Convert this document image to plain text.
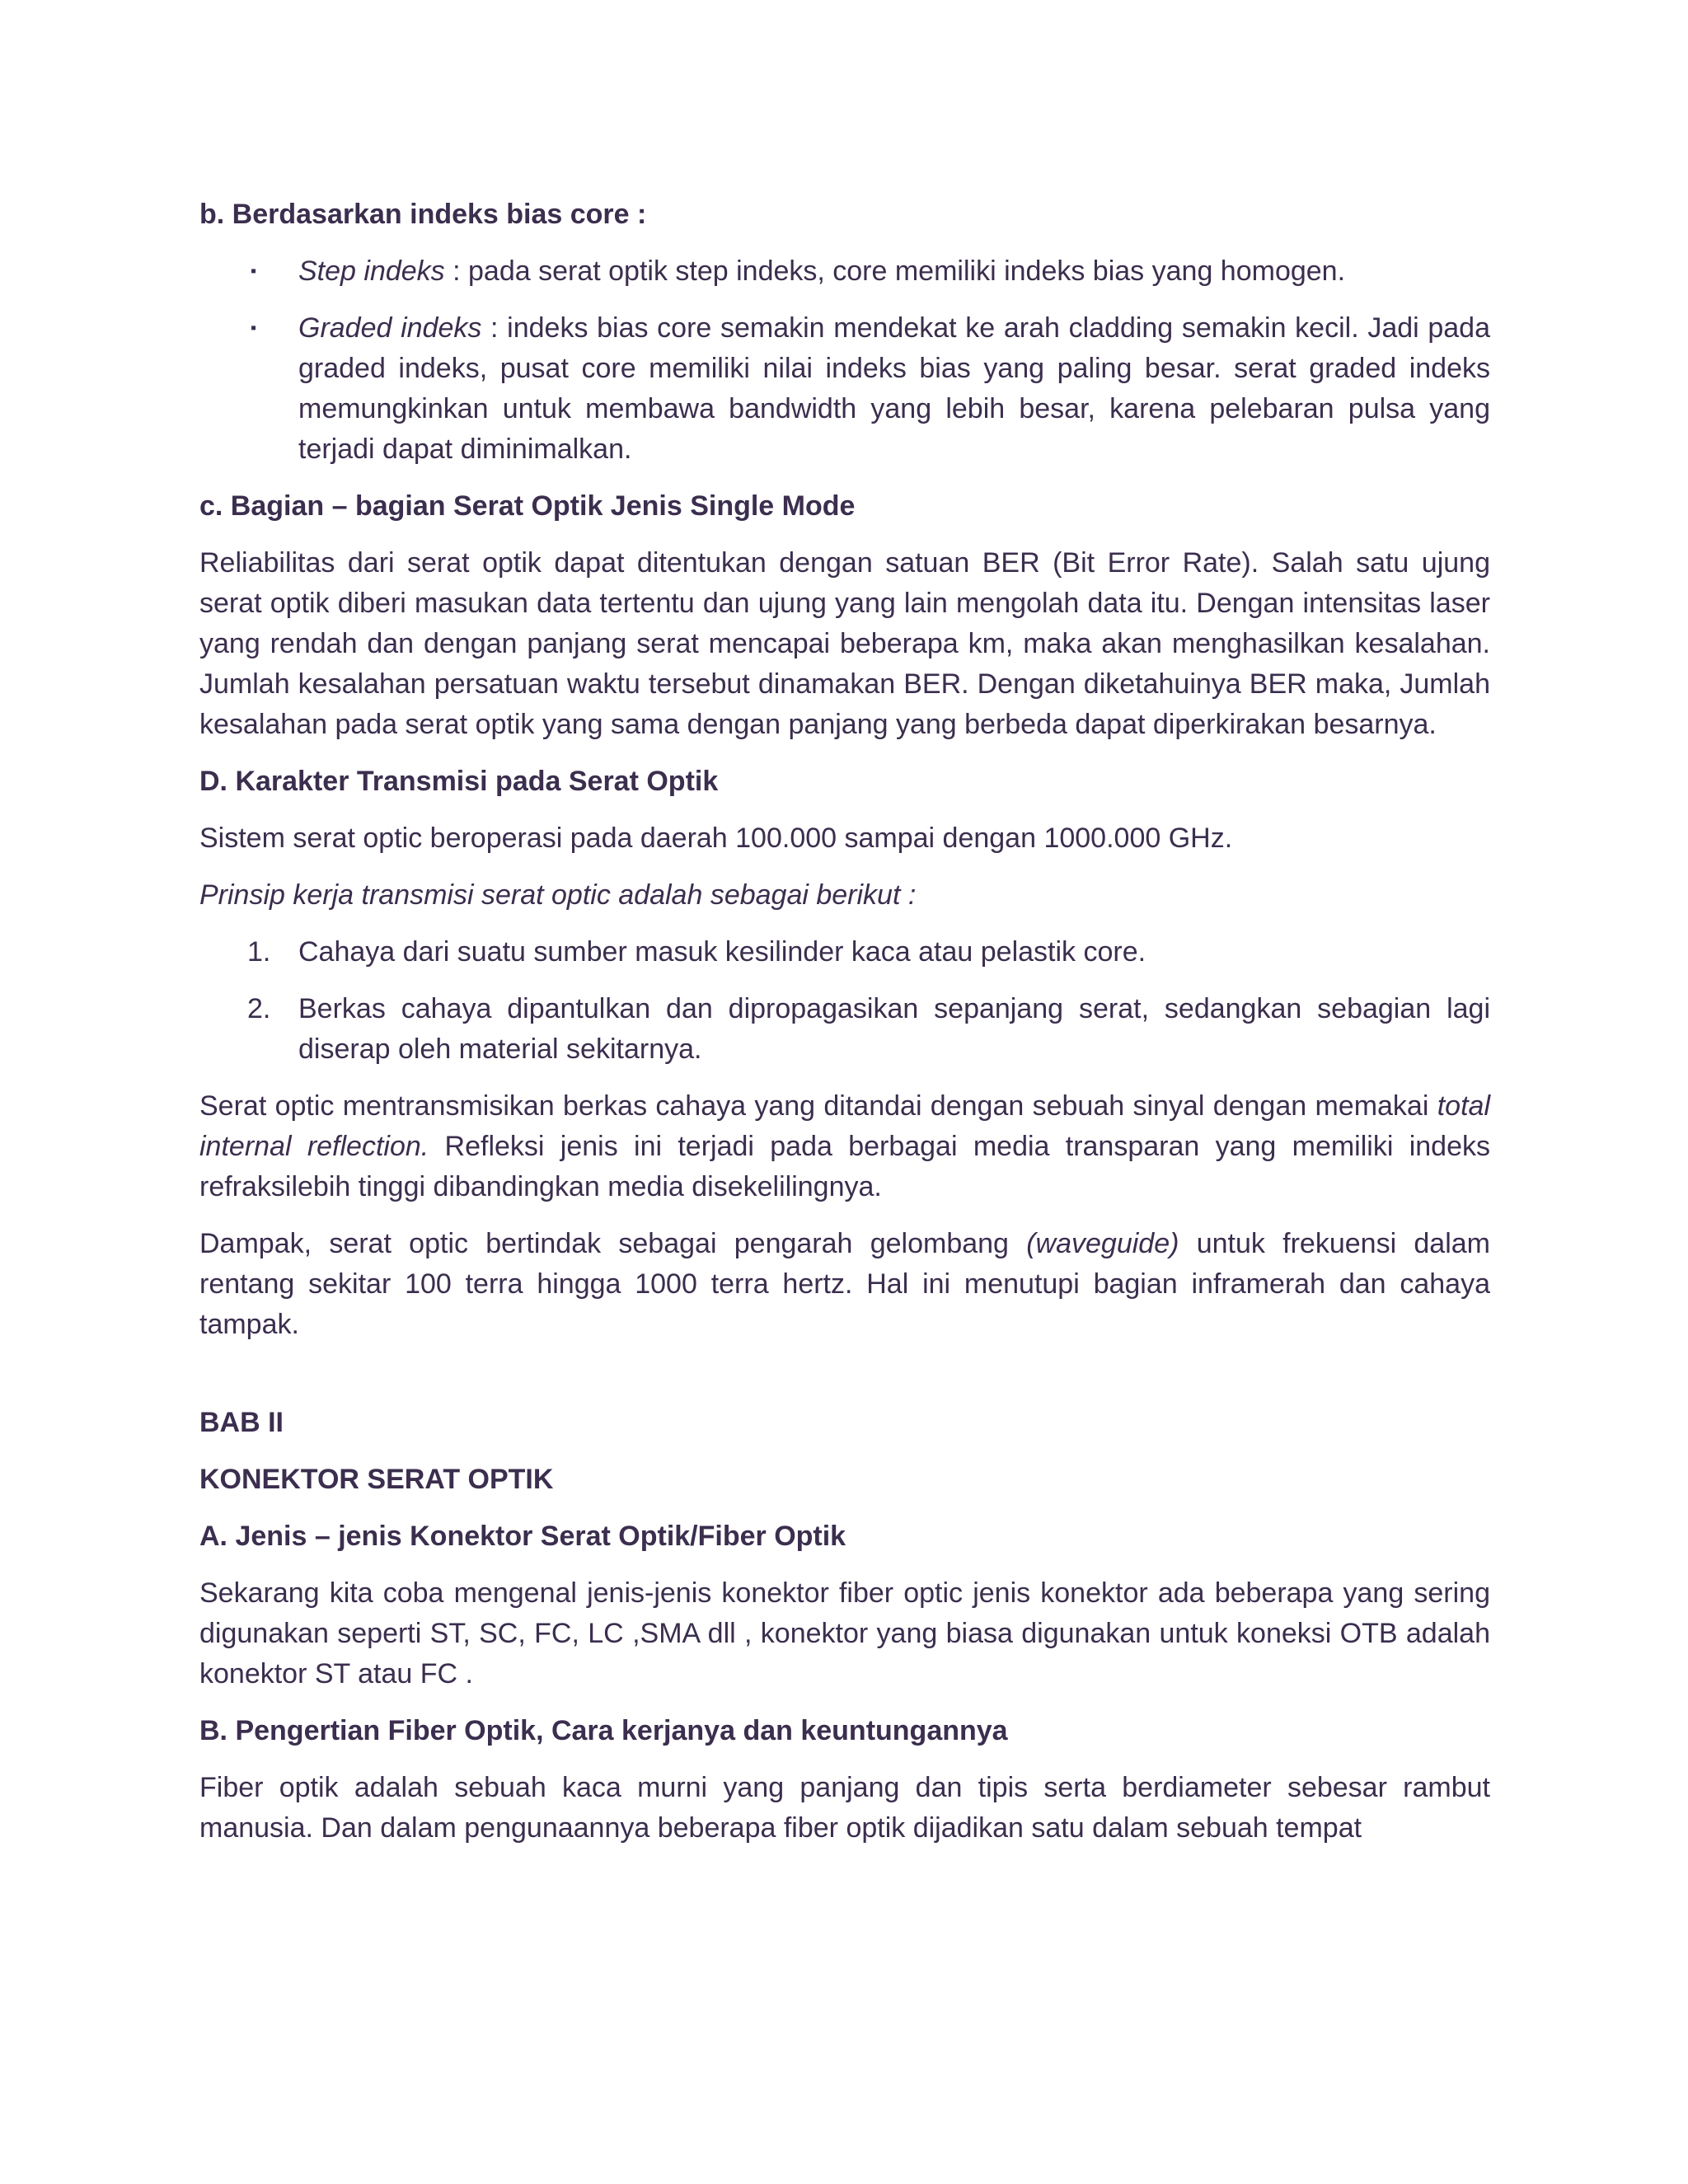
b. Berdasarkan indeks bias core :
▪ Step indeks : pada serat optik step indeks, core memiliki indeks bias yang homogen.
▪ Graded indeks : indeks bias core semakin mendekat ke arah cladding semakin kecil. Jadi pada graded indeks, pusat core memiliki nilai indeks bias yang paling besar. serat graded indeks memungkinkan untuk membawa bandwidth yang lebih besar, karena pelebaran pulsa yang terjadi dapat diminimalkan.
c. Bagian – bagian Serat Optik Jenis Single Mode
Reliabilitas dari serat optik dapat ditentukan dengan satuan BER (Bit Error Rate). Salah satu ujung serat optik diberi masukan data tertentu dan ujung yang lain mengolah data itu. Dengan intensitas laser yang rendah dan dengan panjang serat mencapai beberapa km, maka akan menghasilkan kesalahan. Jumlah kesalahan persatuan waktu tersebut dinamakan BER. Dengan diketahuinya BER maka, Jumlah kesalahan pada serat optik yang sama dengan panjang yang berbeda dapat diperkirakan besarnya.
D. Karakter Transmisi pada Serat Optik
Sistem serat optic beroperasi pada daerah 100.000 sampai dengan 1000.000 GHz.
Prinsip kerja transmisi serat optic adalah sebagai berikut :
1. Cahaya dari suatu sumber masuk kesilinder kaca atau pelastik core.
2. Berkas cahaya dipantulkan dan dipropagasikan sepanjang serat, sedangkan sebagian lagi diserap oleh material sekitarnya.
Serat optic mentransmisikan berkas cahaya yang ditandai dengan sebuah sinyal dengan memakai total internal reflection. Refleksi jenis ini terjadi pada berbagai media transparan yang memiliki indeks refraksilebih tinggi dibandingkan media disekelilingnya.
Dampak, serat optic bertindak sebagai pengarah gelombang (waveguide) untuk frekuensi dalam rentang sekitar 100 terra hingga 1000 terra hertz. Hal ini menutupi bagian inframerah dan cahaya tampak.
BAB II
KONEKTOR SERAT OPTIK
A. Jenis – jenis Konektor Serat Optik/Fiber Optik
Sekarang kita coba mengenal jenis-jenis konektor fiber optic jenis konektor ada beberapa yang sering digunakan seperti ST, SC, FC, LC ,SMA dll , konektor yang biasa digunakan untuk koneksi OTB adalah konektor ST atau FC .
B. Pengertian Fiber Optik, Cara kerjanya dan keuntungannya
Fiber optik adalah sebuah kaca murni yang panjang dan tipis serta berdiameter sebesar rambut manusia. Dan dalam pengunaannya beberapa fiber optik dijadikan satu dalam sebuah tempat
